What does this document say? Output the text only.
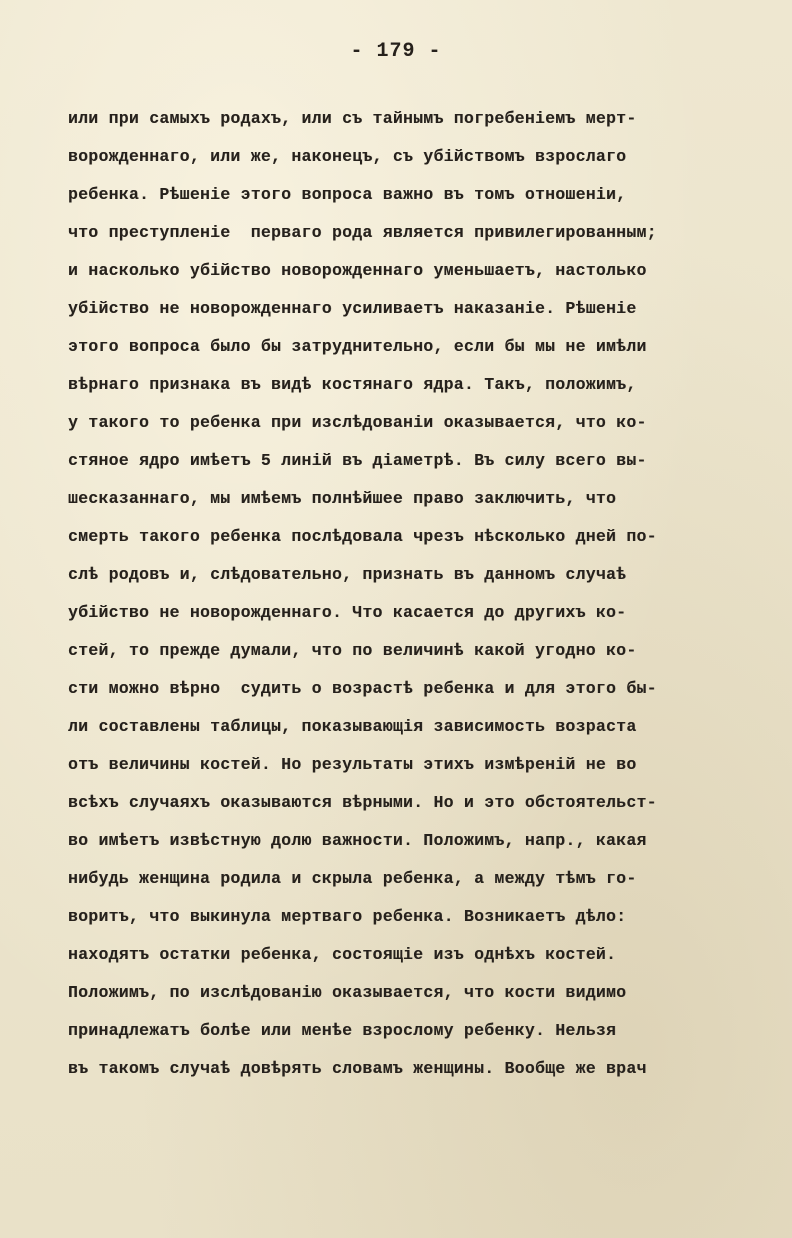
- 179 -
или при самыхъ родахъ, или съ тайнымъ погребенiемъ мерт-
ворожденнаго, или же, наконецъ, съ убiйствомъ взрослаго
ребенка. Рѣшенiе этого вопроса важно въ томъ отношенiи,
что преступленiе  перваго рода является привилегированным;
и насколько убiйство новорожденнаго уменьшаетъ, настолько
убiйство не новорожденнаго усиливаетъ наказанiе. Рѣшенiе
этого вопроса было бы затруднительно, если бы мы не имѣли
вѣрнаго признака въ видѣ костянаго ядра. Такъ, положимъ,
у такого то ребенка при изслѣдованiи оказывается, что ко-
стяное ядро имѣетъ 5 линiй въ дiаметрѣ. Въ силу всего вы-
шесказаннаго, мы имѣемъ полнѣйшее право заключить, что
смерть такого ребенка послѣдовала чрезъ нѣсколько дней по-
слѣ родовъ и, слѣдовательно, признать въ данномъ случаѣ
убiйство не новорожденнаго. Что касается до другихъ ко-
стей, то прежде думали, что по величинѣ какой угодно ко-
сти можно вѣрно  судить о возрастѣ ребенка и для этого бы-
ли составлены таблицы, показывающiя зависимость возраста
отъ величины костей. Но результаты этихъ измѣренiй не во
всѣхъ случаяхъ оказываются вѣрными. Но и это обстоятельст-
во имѣетъ извѣстную долю важности. Положимъ, напр., какая
нибудь женщина родила и скрыла ребенка, а между тѣмъ го-
воритъ, что выкинула мертваго ребенка. Возникаетъ дѣло:
находятъ остатки ребенка, состоящiе изъ однѣхъ костей.
Положимъ, по изслѣдованiю оказывается, что кости видимо
принадлежатъ болѣе или менѣе взрослому ребенку. Нельзя
въ такомъ случаѣ довѣрять словамъ женщины. Вообще же врач
